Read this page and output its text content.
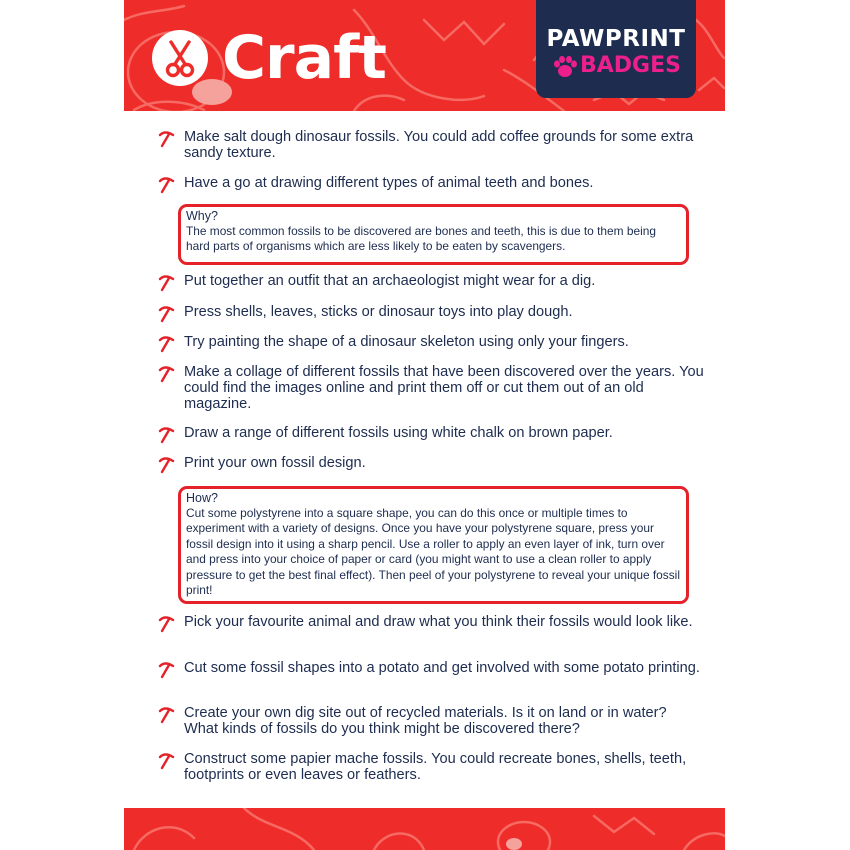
Craft	PAWPRINT
BADGES
Make salt dough dinosaur fossils. You could add coffee grounds for some extra sandy texture.
Have a go at drawing different types of animal teeth and bones.
Why?
The most common fossils to be discovered are bones and teeth, this is due to them being hard parts of organisms which are less likely to be eaten by scavengers.
Put together an outfit that an archaeologist might wear for a dig.
Press shells, leaves, sticks or dinosaur toys into play dough.
Try painting the shape of a dinosaur skeleton using only your fingers.
Make a collage of different fossils that have been discovered over the years. You could find the images online and print them off or cut them out of an old magazine.
Draw a range of different fossils using white chalk on brown paper.
Print your own fossil design.
How?
Cut some polystyrene into a square shape, you can do this once or multiple times to experiment with a variety of designs. Once you have your polystyrene square, press your fossil design into it using a sharp pencil. Use a roller to apply an even layer of ink, turn over and press into your choice of paper or card (you might want to use a clean roller to apply pressure to get the best final effect). Then peel of your polystyrene to reveal your unique fossil print!
Pick your favourite animal and draw what you think their fossils would look like.
Cut some fossil shapes into a potato and get involved with some potato printing.
Create your own dig site out of recycled materials. Is it on land or in water? What kinds of fossils do you think might be discovered there?
Construct some papier mache fossils. You could recreate bones, shells, teeth, footprints or even leaves or feathers.
